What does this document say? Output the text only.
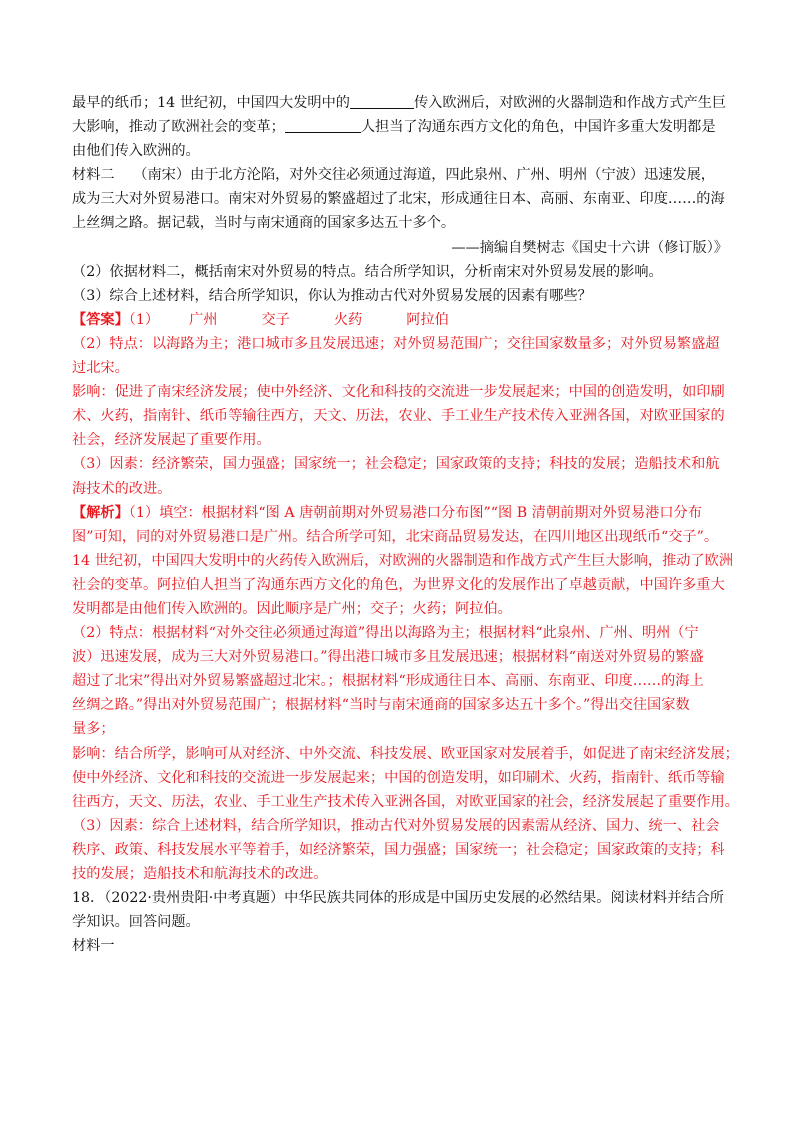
最早的纸币；14 世纪初，中国四大发明中的	传入欧洲后，对欧洲的火器制造和作战方式产生巨
大影响，推动了欧洲社会的变革；	人担当了沟通东西方文化的角色，中国许多重大发明都是
由他们传入欧洲的。
材料二　 （南宋）由于北方沦陷，对外交往必须通过海道，四此泉州、广州、明州（宁波）迅速发展，
成为三大对外贸易港口。南宋对外贸易的繁盛超过了北宋，形成通往日本、高丽、东南亚、印度……的海
上丝绸之路。据记载，当时与南宋通商的国家多达五十多个。
——摘编自樊树志《国史十六讲（修订版）》
（2）依据材料二，概括南宋对外贸易的特点。结合所学知识，分析南宋对外贸易发展的影响。
（3）综合上述材料，结合所学知识，你认为推动古代对外贸易发展的因素有哪些？
【答案】（1） 广州	交子	火药	阿拉伯
（2）特点：以海路为主；港口城市多且发展迅速；对外贸易范围广；交往国家数量多；对外贸易繁盛超
过北宋。
影响：促进了南宋经济发展；使中外经济、文化和科技的交流进一步发展起来；中国的创造发明，如印刷
术、火药，指南针、纸币等输往西方，天文、历法，农业、手工业生产技术传入亚洲各国，对欧亚国家的
社会，经济发展起了重要作用。
（3）因素：经济繁荣，国力强盛；国家统一；社会稳定；国家政策的支持；科技的发展；造船技术和航
海技术的改进。
【解析】（1）填空：根据材料“图 A 唐朝前期对外贸易港口分布图”“图 B 清朝前期对外贸易港口分布
图”可知，同的对外贸易港口是广州。结合所学可知，北宋商品贸易发达，在四川地区出现纸币“交子”。
14 世纪初，中国四大发明中的火药传入欧洲后，对欧洲的火器制造和作战方式产生巨大影响，推动了欧洲
社会的变革。阿拉伯人担当了沟通东西方文化的角色，为世界文化的发展作出了卓越贡献，中国许多重大
发明都是由他们传入欧洲的。因此顺序是广州；交子；火药；阿拉伯。
（2）特点：根据材料“对外交往必须通过海道”得出以海路为主；根据材料“此泉州、广州、明州（宁
波）迅速发展，成为三大对外贸易港口。”得出港口城市多且发展迅速；根据材料“南送对外贸易的繁盛
超过了北宋”得出对外贸易繁盛超过北宋。；根据材料“形成通往日本、高丽、东南亚、印度……的海上
丝绸之路。”得出对外贸易范围广；根据材料“当时与南宋通商的国家多达五十多个。”得出交往国家数
量多；
影响：结合所学，影响可从对经济、中外交流、科技发展、欧亚国家对发展着手，如促进了南宋经济发展；
使中外经济、文化和科技的交流进一步发展起来；中国的创造发明，如印刷术、火药，指南针、纸币等输
往西方，天文、历法，农业、手工业生产技术传入亚洲各国，对欧亚国家的社会，经济发展起了重要作用。
（3）因素：综合上述材料，结合所学知识，推动古代对外贸易发展的因素需从经济、国力、统一、社会
秩序、政策、科技发展水平等着手，如经济繁荣，国力强盛；国家统一；社会稳定；国家政策的支持；科
技的发展；造船技术和航海技术的改进。
18．（2022·贵州贵阳·中考真题）中华民族共同体的形成是中国历史发展的必然结果。阅读材料并结合所
学知识。回答问题。
材料一
